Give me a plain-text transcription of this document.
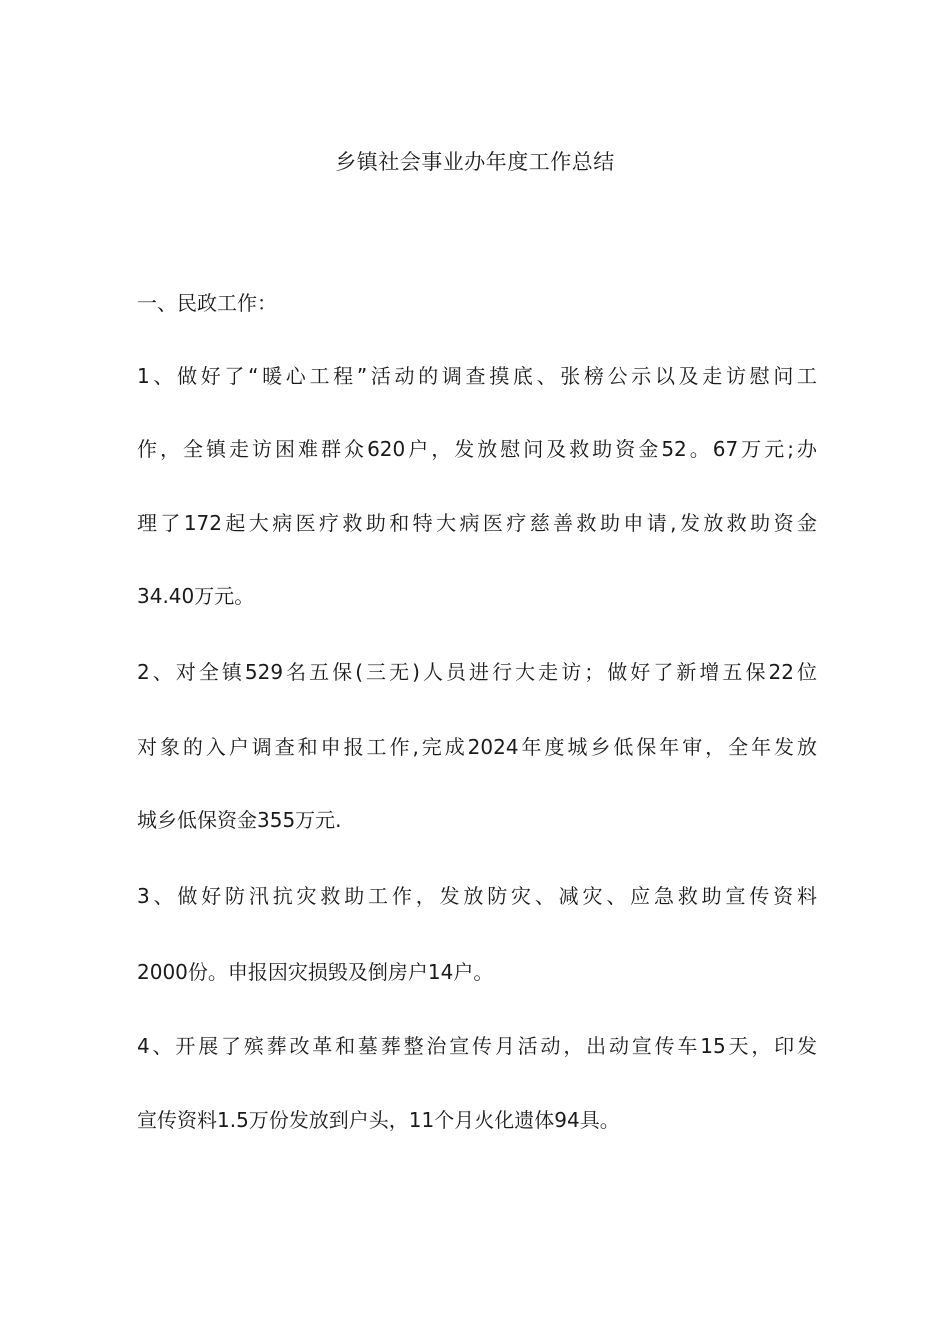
乡镇社会事业办年度工作总结
一、民政工作：
1、做好了“暖心工程”活动的调查摸底、张榜公示以及走访慰问工
作，全镇走访困难群众620户，发放慰问及救助资金52。67万元;办
理了172起大病医疗救助和特大病医疗慈善救助申请,发放救助资金
34.40万元。
2、对全镇529名五保(三无)人员进行大走访；做好了新增五保22位
对象的入户调查和申报工作,完成2024年度城乡低保年审，全年发放
城乡低保资金355万元.
3、做好防汛抗灾救助工作，发放防灾、减灾、应急救助宣传资料
2000份。申报因灾损毁及倒房户14户。
4、开展了殡葬改革和墓葬整治宣传月活动，出动宣传车15天，印发
宣传资料1.5万份发放到户头，11个月火化遗体94具。
